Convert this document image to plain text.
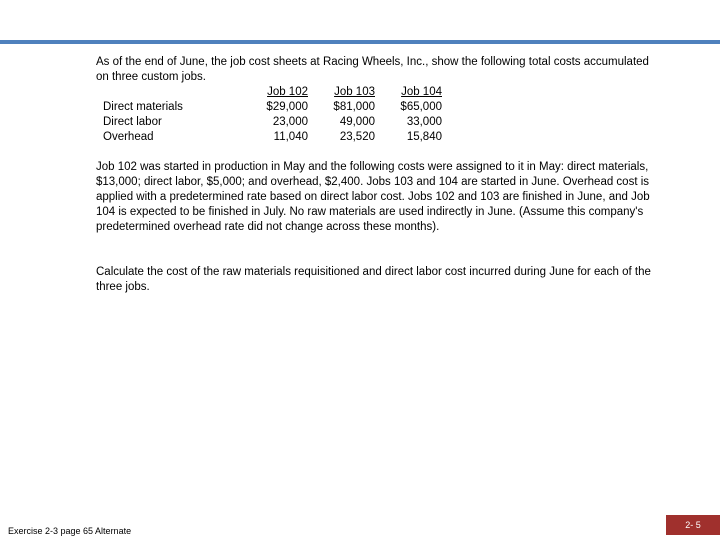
As of the end of June, the job cost sheets at Racing Wheels, Inc., show the following total costs accumulated on three custom jobs.

	Job 102	Job 103	Job 104
Direct materials	$29,000	$81,000	$65,000
Direct labor	23,000	49,000	33,000
Overhead	11,040	23,520	15,840

Job 102 was started in production in May and the following costs were assigned to it in May: direct materials, $13,000; direct labor, $5,000; and overhead, $2,400. Jobs 103 and 104 are started in June. Overhead cost is applied with a predetermined rate based on direct labor cost. Jobs 102 and 103 are finished in June, and Job 104 is expected to be finished in July. No raw materials are used indirectly in June. (Assume this company's predetermined overhead rate did not change across these months).

Calculate the cost of the raw materials requisitioned and direct labor cost incurred during June for each of the three jobs.

Exercise 2-3 page 65 Alternate
2- 5
